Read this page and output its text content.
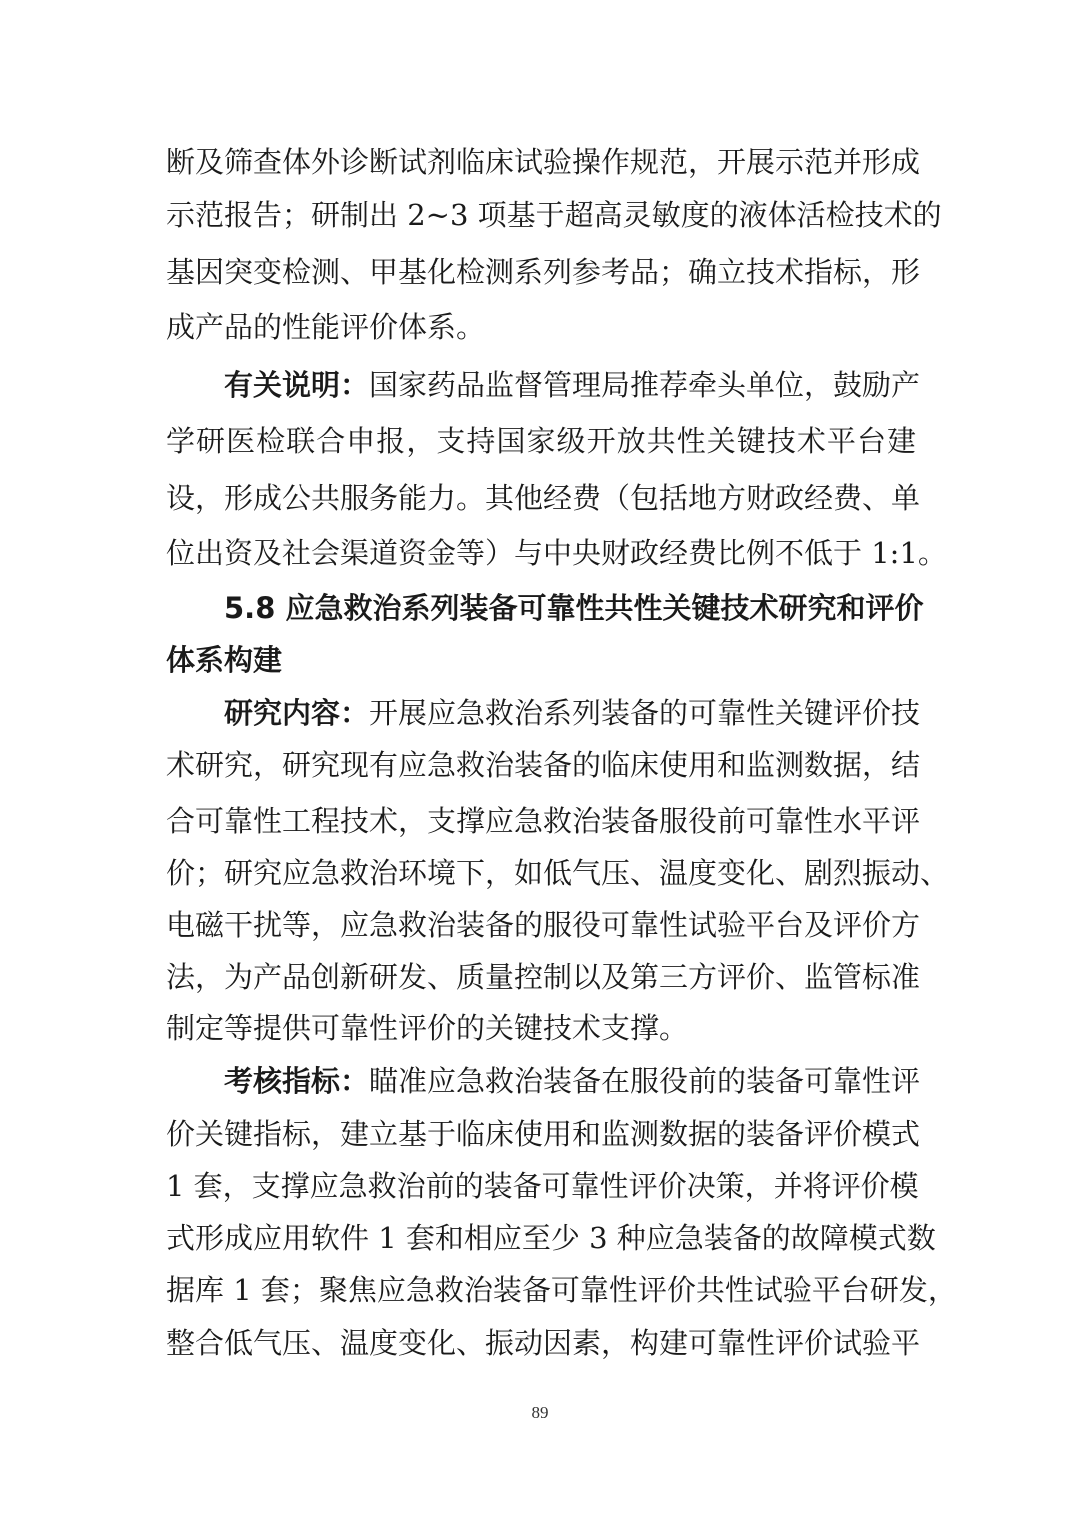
断及筛查体外诊断试剂临床试验操作规范，开展示范并形成
示范报告；研制出 2~3 项基于超高灵敏度的液体活检技术的
基因突变检测、甲基化检测系列参考品；确立技术指标，形
成产品的性能评价体系。
有关说明：国家药品监督管理局推荐牵头单位，鼓励产
学研医检联合申报，支持国家级开放共性关键技术平台建
设，形成公共服务能力。其他经费（包括地方财政经费、单
位出资及社会渠道资金等）与中央财政经费比例不低于 1:1。
5.8 应急救治系列装备可靠性共性关键技术研究和评价
体系构建
研究内容：开展应急救治系列装备的可靠性关键评价技
术研究，研究现有应急救治装备的临床使用和监测数据，结
合可靠性工程技术，支撑应急救治装备服役前可靠性水平评
价；研究应急救治环境下，如低气压、温度变化、剧烈振动、
电磁干扰等，应急救治装备的服役可靠性试验平台及评价方
法，为产品创新研发、质量控制以及第三方评价、监管标准
制定等提供可靠性评价的关键技术支撑。
考核指标：瞄准应急救治装备在服役前的装备可靠性评
价关键指标，建立基于临床使用和监测数据的装备评价模式
1 套，支撑应急救治前的装备可靠性评价决策，并将评价模
式形成应用软件 1 套和相应至少 3 种应急装备的故障模式数
据库 1 套；聚焦应急救治装备可靠性评价共性试验平台研发，
整合低气压、温度变化、振动因素，构建可靠性评价试验平
89
